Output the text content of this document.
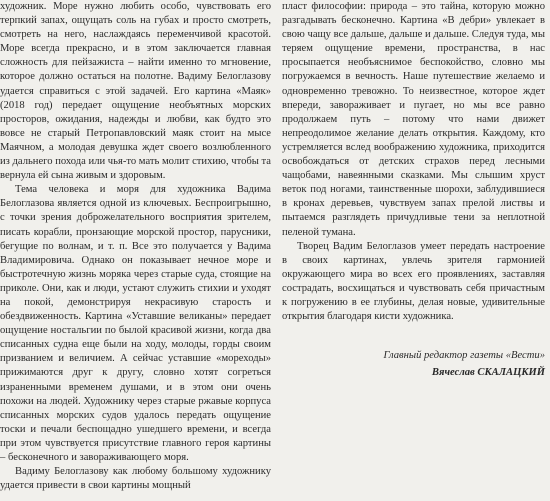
художник. Море нужно любить особо, чувствовать его терпкий запах, ощущать соль на губах и просто смотреть, смотреть на него, наслаждаясь переменчивой красотой. Море всегда прекрасно, и в этом заключается главная сложность для пейзажиста – найти именно то мгновение, которое должно остаться на полотне. Вадиму Белоглазову удается справиться с этой задачей. Его картина «Маяк» (2018 год) передает ощущение необъятных морских просторов, ожидания, надежды и любви, как будто это вовсе не старый Петропавловский маяк стоит на мысе Маячном, а молодая девушка ждет своего возлюбленного из дальнего похода или чья-то мать молит стихию, чтобы та вернула ей сына живым и здоровым.

Тема человека и моря для художника Вадима Белоглазова является одной из ключевых. Беспроигрышно, с точки зрения доброжелательного восприятия зрителем, писать корабли, пронзающие морской простор, парусники, бегущие по волнам, и т. п. Все это получается у Вадима Владимировича. Однако он показывает нечное море и быстротечную жизнь моряка через старые суда, стоящие на приколе. Они, как и люди, устают служить стихии и уходят на покой, демонстрируя некрасивую старость и обездвиженность. Картина «Уставшие великаны» передает ощущение ностальгии по былой красивой жизни, когда два списанных судна еще были на ходу, молоды, горды своим призванием и величием. А сейчас уставшие «мореходы» прижимаются друг к другу, словно хотят согреться израненными временем душами, и в этом они очень похожи на людей. Художнику через старые ржавые корпуса списанных морских судов удалось передать ощущение тоски и печали беспощадно ушедшего времени, и всегда при этом чувствуется присутствие главного героя картины – бесконечного и завораживающего моря.

Вадиму Белоглазову как любому большому художнику удается привести в свои картины мощный

пласт философии: природа – это тайна, которую можно разгадывать бесконечно. Картина «В дебри» увлекает в свою чащу все дальше, дальше и дальше. Следуя туда, мы теряем ощущение времени, пространства, в нас просыпается необъяснимое беспокойство, словно мы погружаемся в вечность. Наше путешествие желаемо и одновременно тревожно. То неизвестное, которое ждет впереди, завораживает и пугает, но мы все равно продолжаем путь – потому что нами движет непреодолимое желание делать открытия. Каждому, кто устремляется вслед воображению художника, приходится освобождаться от детских страхов перед лесными чащобами, навеянными сказками. Мы слышим хруст веток под ногами, таинственные шорохи, заблудившиеся в кронах деревьев, чувствуем запах прелой листвы и пытаемся разглядеть причудливые тени за неплотной пеленой тумана.

Творец Вадим Белоглазов умеет передать настроение в своих картинах, увлечь зрителя гармонией окружающего мира во всех его проявлениях, заставляя сострадать, восхищаться и чувствовать себя причастным к погружению в ее глубины, делая новые, удивительные открытия благодаря кисти художника.

Главный редактор газеты «Вести»
Вячеслав СКАЛАЦКИЙ
